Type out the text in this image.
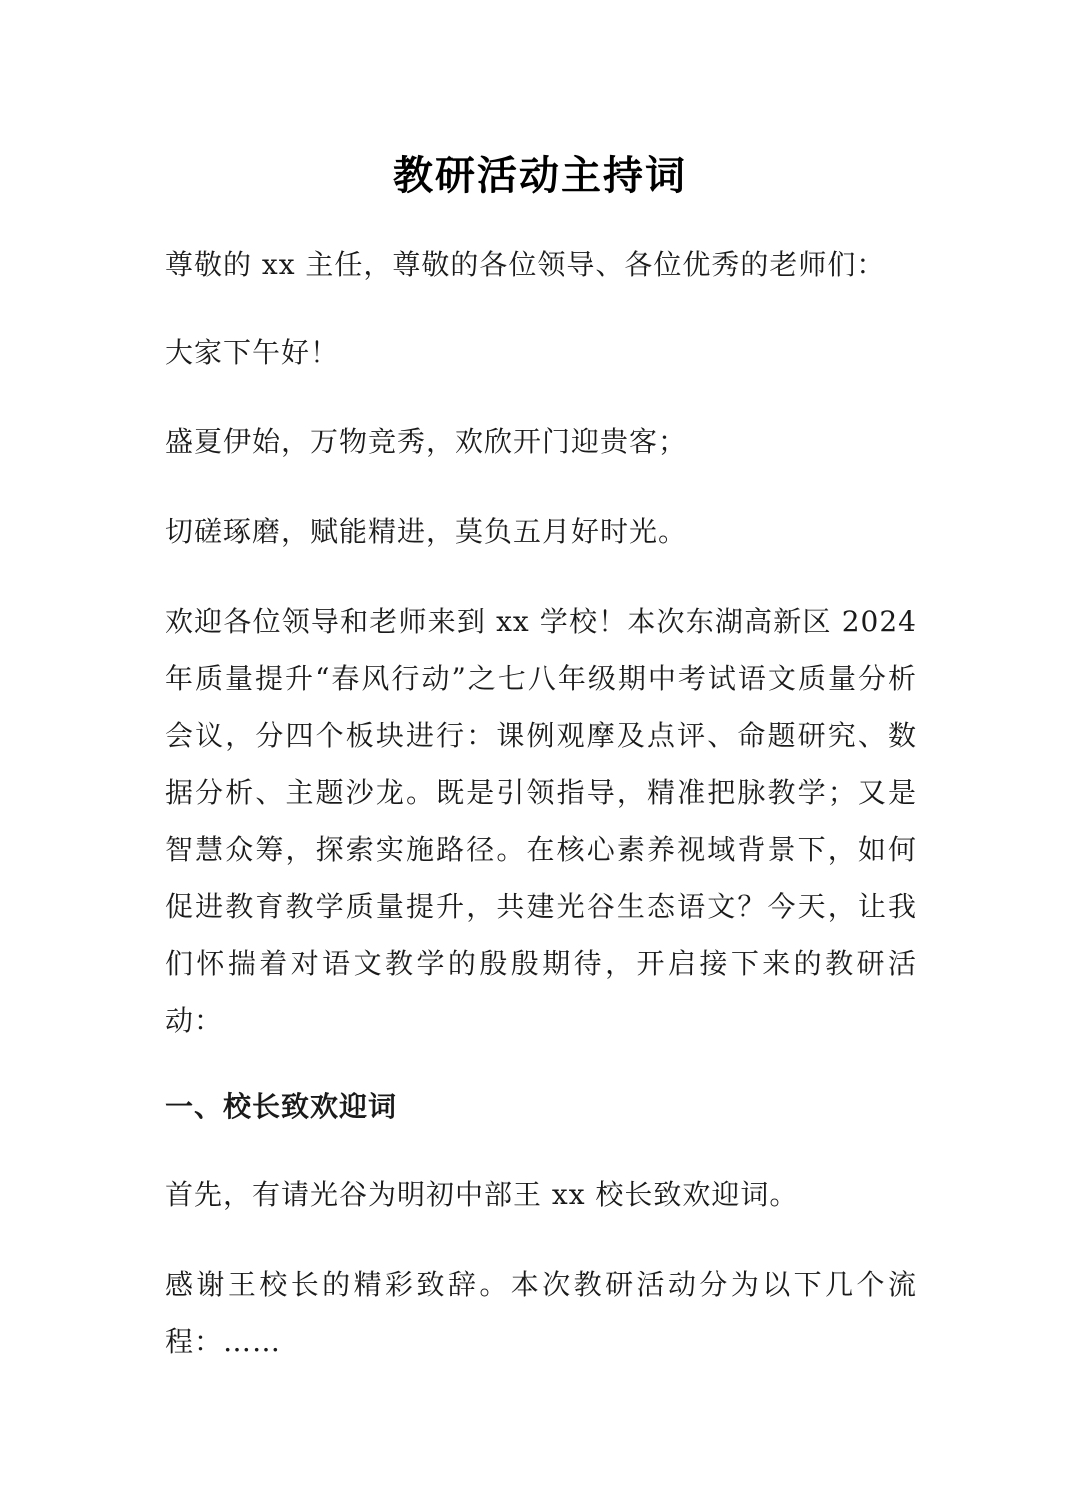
教研活动主持词

尊敬的 xx 主任，尊敬的各位领导、各位优秀的老师们：

大家下午好！

盛夏伊始，万物竞秀，欢欣开门迎贵客；

切磋琢磨，赋能精进，莫负五月好时光。

欢迎各位领导和老师来到 xx 学校！本次东湖高新区 2024 年质量提升“春风行动”之七八年级期中考试语文质量分析会议，分四个板块进行：课例观摩及点评、命题研究、数据分析、主题沙龙。既是引领指导，精准把脉教学；又是智慧众筹，探索实施路径。在核心素养视域背景下，如何促进教育教学质量提升，共建光谷生态语文？今天，让我们怀揣着对语文教学的殷殷期待，开启接下来的教研活动：

一、校长致欢迎词

首先，有请光谷为明初中部王 xx 校长致欢迎词。

感谢王校长的精彩致辞。本次教研活动分为以下几个流程：……
